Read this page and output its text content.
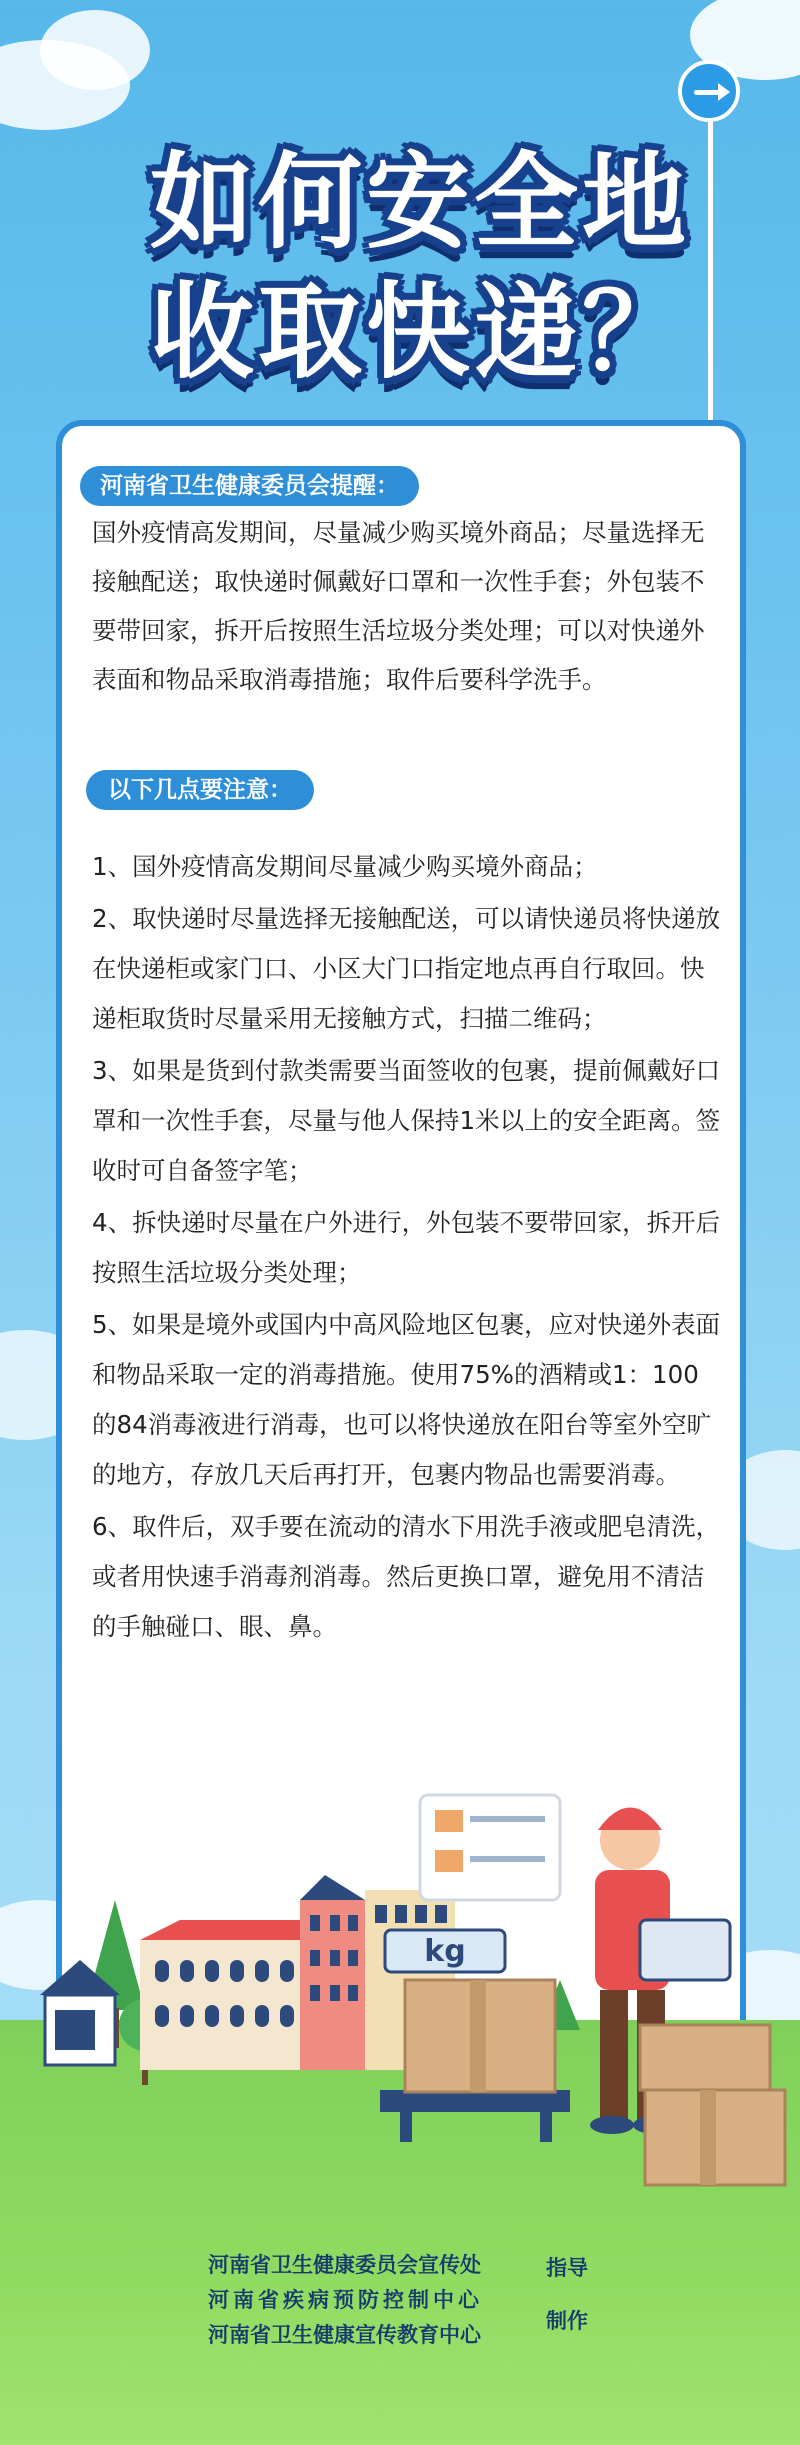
如何安全地
收取快递？
河南省卫生健康委员会提醒：

国外疫情高发期间，尽量减少购买境外商品；尽量选择无接触配送；取快递时佩戴好口罩和一次性手套；外包装不要带回家，拆开后按照生活垃圾分类处理；可以对快递外表面和物品采取消毒措施；取件后要科学洗手。

以下几点要注意：
1、国外疫情高发期间尽量减少购买境外商品；
2、取快递时尽量选择无接触配送，可以请快递员将快递放在快递柜或家门口、小区大门口指定地点再自行取回。快递柜取货时尽量采用无接触方式，扫描二维码；
3、如果是货到付款类需要当面签收的包裹，提前佩戴好口罩和一次性手套，尽量与他人保持1米以上的安全距离。签收时可自备签字笔；
4、拆快递时尽量在户外进行，外包装不要带回家，拆开后按照生活垃圾分类处理；
5、如果是境外或国内中高风险地区包裹，应对快递外表面和物品采取一定的消毒措施。使用75%的酒精或1：100的84消毒液进行消毒，也可以将快递放在阳台等室外空旷的地方，存放几天后再打开，包裹内物品也需要消毒。
6、取件后，双手要在流动的清水下用洗手液或肥皂清洗，或者用快速手消毒剂消毒。然后更换口罩，避免用不清洁的手触碰口、眼、鼻。
kg
河南省卫生健康委员会宣传处
河南省疾病预防控制中心
河南省卫生健康宣传教育中心
指导
制作
